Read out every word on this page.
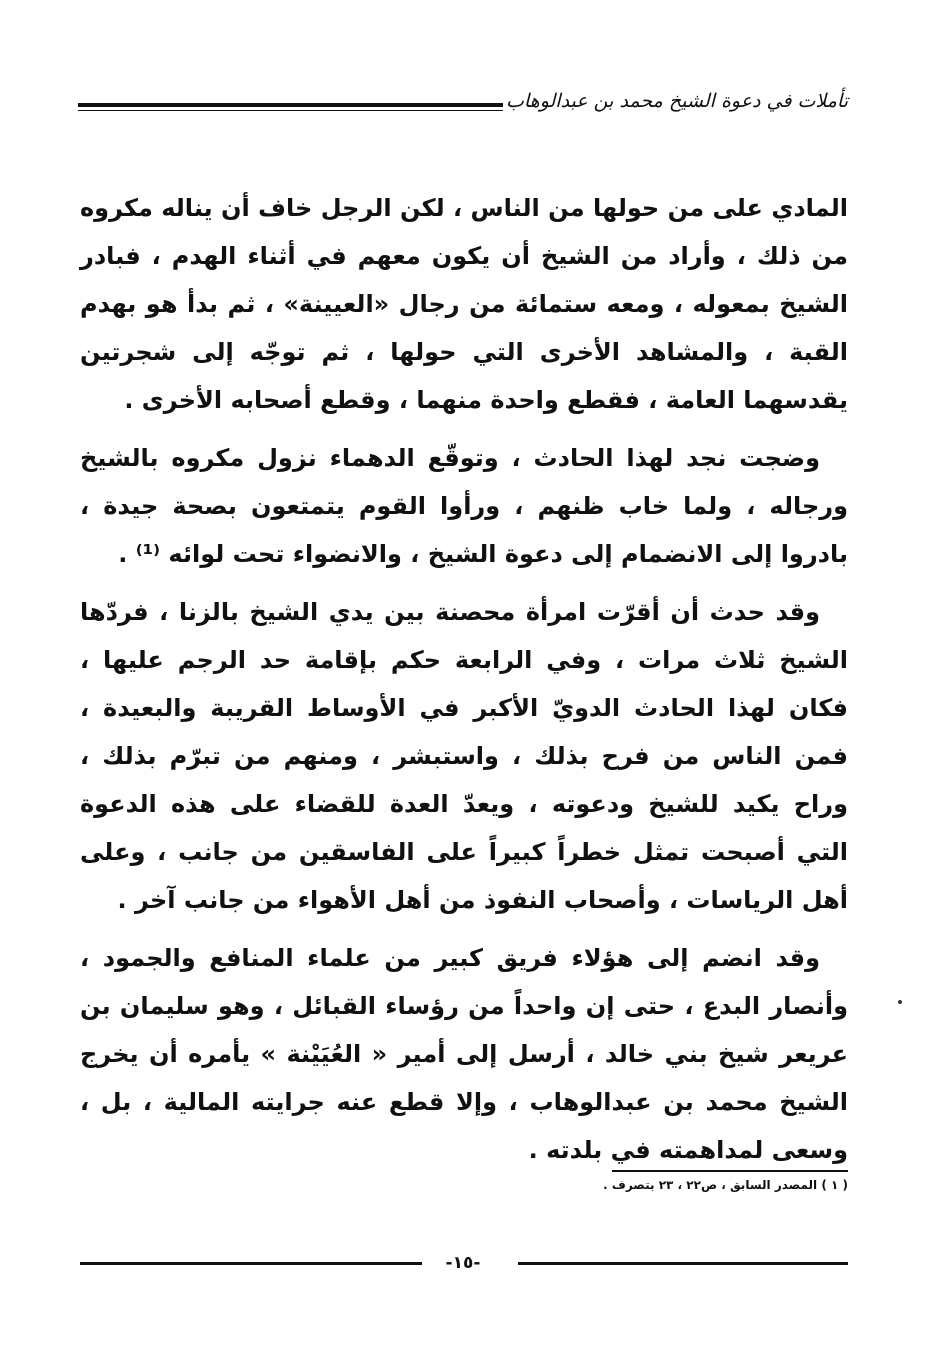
تأملات في دعوة الشيخ محمد بن عبدالوهاب

المادي على من حولها من الناس ، لكن الرجل خاف أن يناله مكروه من ذلك ، وأراد من الشيخ أن يكون معهم في أثناء الهدم ، فبادر الشيخ بمعوله ، ومعه ستمائة من رجال «العيينة» ، ثم بدأ هو بهدم القبة ، والمشاهد الأخرى التي حولها ، ثم توجّه إلى شجرتين يقدسهما العامة ، فقطع واحدة منهما ، وقطع أصحابه الأخرى .

وضجت نجد لهذا الحادث ، وتوقّع الدهماء نزول مكروه بالشيخ ورجاله ، ولما خاب ظنهم ، ورأوا القوم يتمتعون بصحة جيدة ، بادروا إلى الانضمام إلى دعوة الشيخ ، والانضواء تحت لوائه ⁽¹⁾ .

وقد حدث أن أقرّت امرأة محصنة بين يدي الشيخ بالزنا ، فردّها الشيخ ثلاث مرات ، وفي الرابعة حكم بإقامة حد الرجم عليها ، فكان لهذا الحادث الدويّ الأكبر في الأوساط القريبة والبعيدة ، فمن الناس من فرح بذلك ، واستبشر ، ومنهم من تبرّم بذلك ، وراح يكيد للشيخ ودعوته ، ويعدّ العدة للقضاء على هذه الدعوة التي أصبحت تمثل خطراً كبيراً على الفاسقين من جانب ، وعلى أهل الرياسات ، وأصحاب النفوذ من أهل الأهواء من جانب آخر .

وقد انضم إلى هؤلاء فريق كبير من علماء المنافع والجمود ، وأنصار البدع ، حتى إن واحداً من رؤساء القبائل ، وهو سليمان بن عريعر شيخ بني خالد ، أرسل إلى أمير « العُيَيْنة » يأمره أن يخرج الشيخ محمد بن عبدالوهاب ، وإلا قطع عنه جرايته المالية ، بل ، وسعى لمداهمته في بلدته .

( ١ ) المصدر السابق ، ص٢٢ ، ٢٣ بتصرف .
-١٥-
